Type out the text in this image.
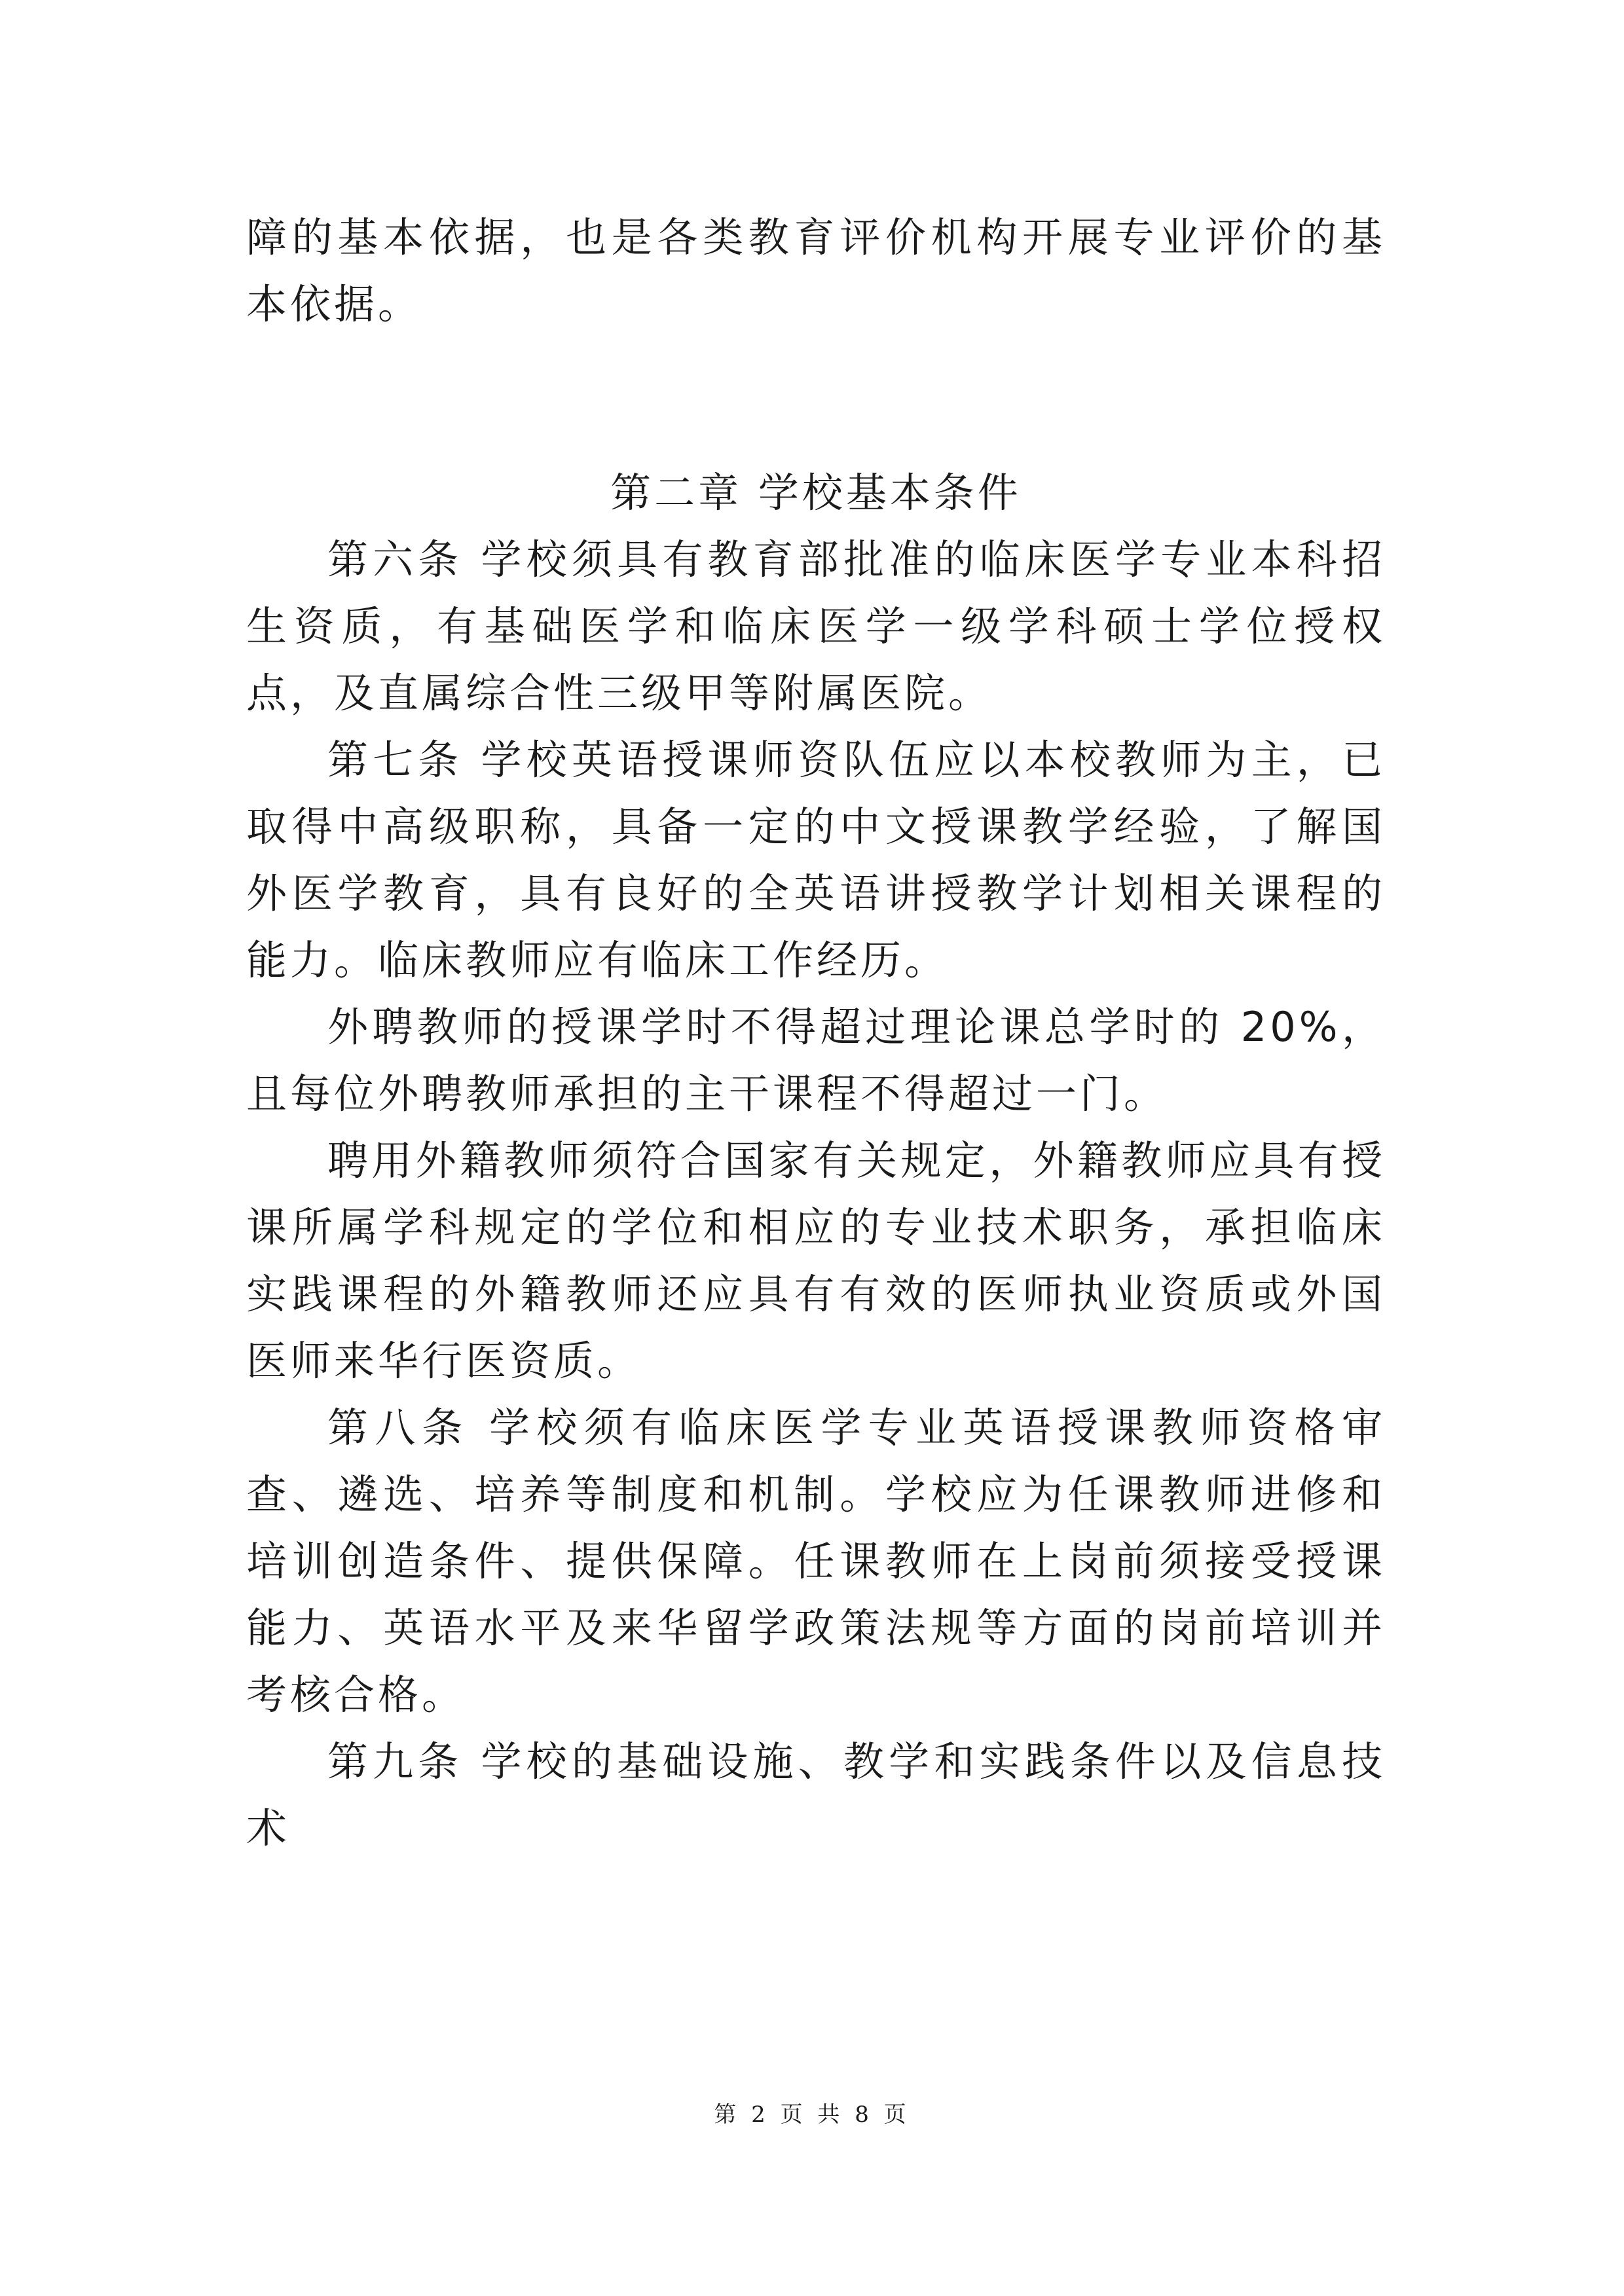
障的基本依据，也是各类教育评价机构开展专业评价的基本依据。

第二章 学校基本条件

第六条 学校须具有教育部批准的临床医学专业本科招生资质，有基础医学和临床医学一级学科硕士学位授权点，及直属综合性三级甲等附属医院。

第七条 学校英语授课师资队伍应以本校教师为主，已取得中高级职称，具备一定的中文授课教学经验，了解国外医学教育，具有良好的全英语讲授教学计划相关课程的能力。临床教师应有临床工作经历。

外聘教师的授课学时不得超过理论课总学时的 20%，且每位外聘教师承担的主干课程不得超过一门。

聘用外籍教师须符合国家有关规定，外籍教师应具有授课所属学科规定的学位和相应的专业技术职务，承担临床实践课程的外籍教师还应具有有效的医师执业资质或外国医师来华行医资质。

第八条 学校须有临床医学专业英语授课教师资格审查、遴选、培养等制度和机制。学校应为任课教师进修和培训创造条件、提供保障。任课教师在上岗前须接受授课能力、英语水平及来华留学政策法规等方面的岗前培训并考核合格。

第九条 学校的基础设施、教学和实践条件以及信息技术

第 2 页 共 8 页
